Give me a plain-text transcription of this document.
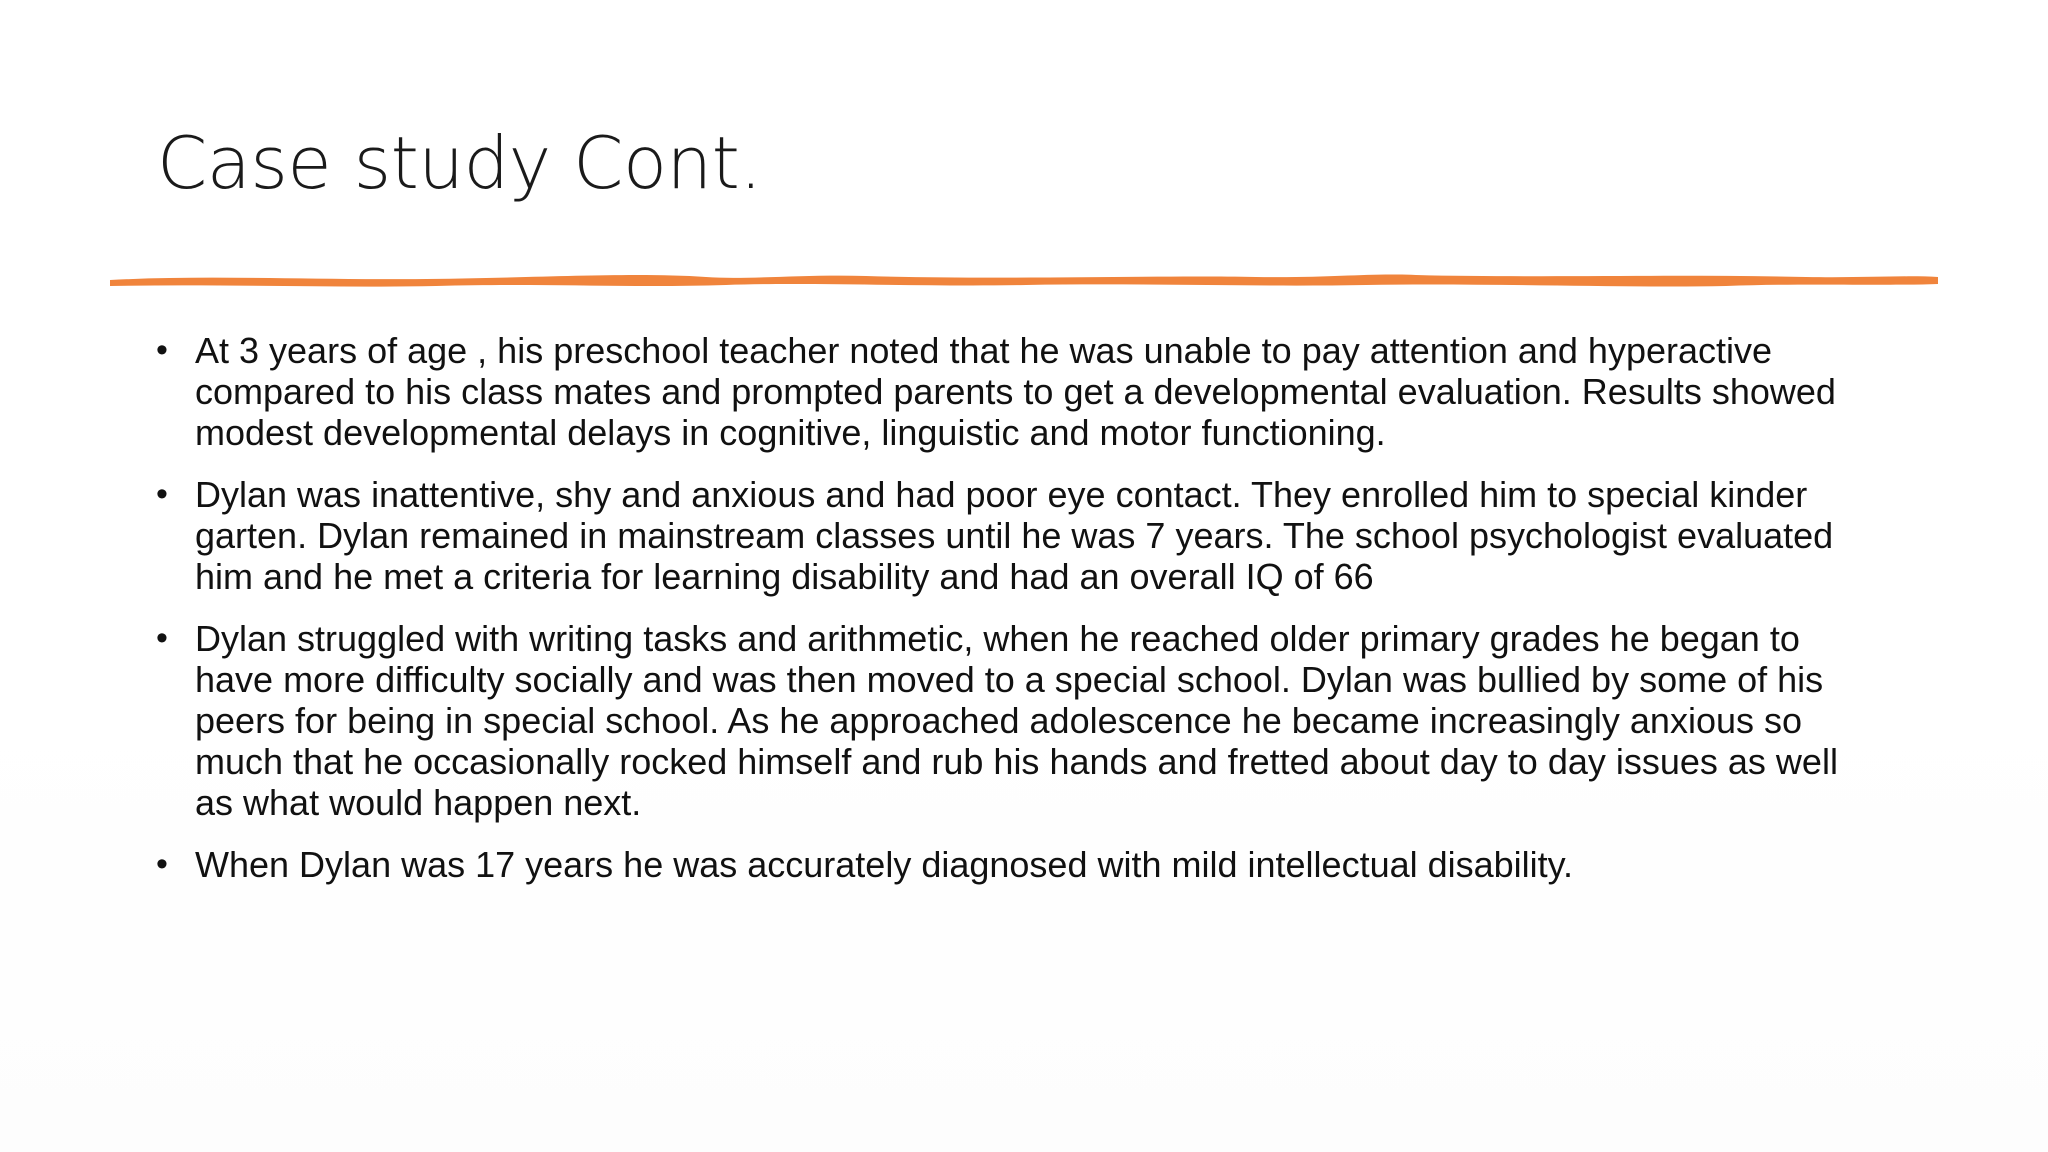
Case study Cont.
• At 3 years of age , his preschool teacher noted that he was unable to pay attention and hyperactive compared to his class mates and prompted parents to get a developmental evaluation. Results showed modest developmental delays in cognitive, linguistic and motor functioning.
• Dylan was inattentive, shy and anxious and had poor eye contact. They enrolled him to special kinder garten. Dylan remained in mainstream classes until he was 7 years. The school psychologist evaluated him and he met a criteria for learning disability and had an overall IQ of 66
• Dylan struggled with writing tasks and arithmetic, when he reached older primary grades he began to have more difficulty socially and was then moved to a special school. Dylan was bullied by some of his peers for being in special school. As he approached adolescence he became increasingly anxious so much that he occasionally rocked himself and rub his hands and fretted about day to day issues as well as what would happen next.
• When Dylan was 17 years he was accurately diagnosed with mild intellectual disability.
